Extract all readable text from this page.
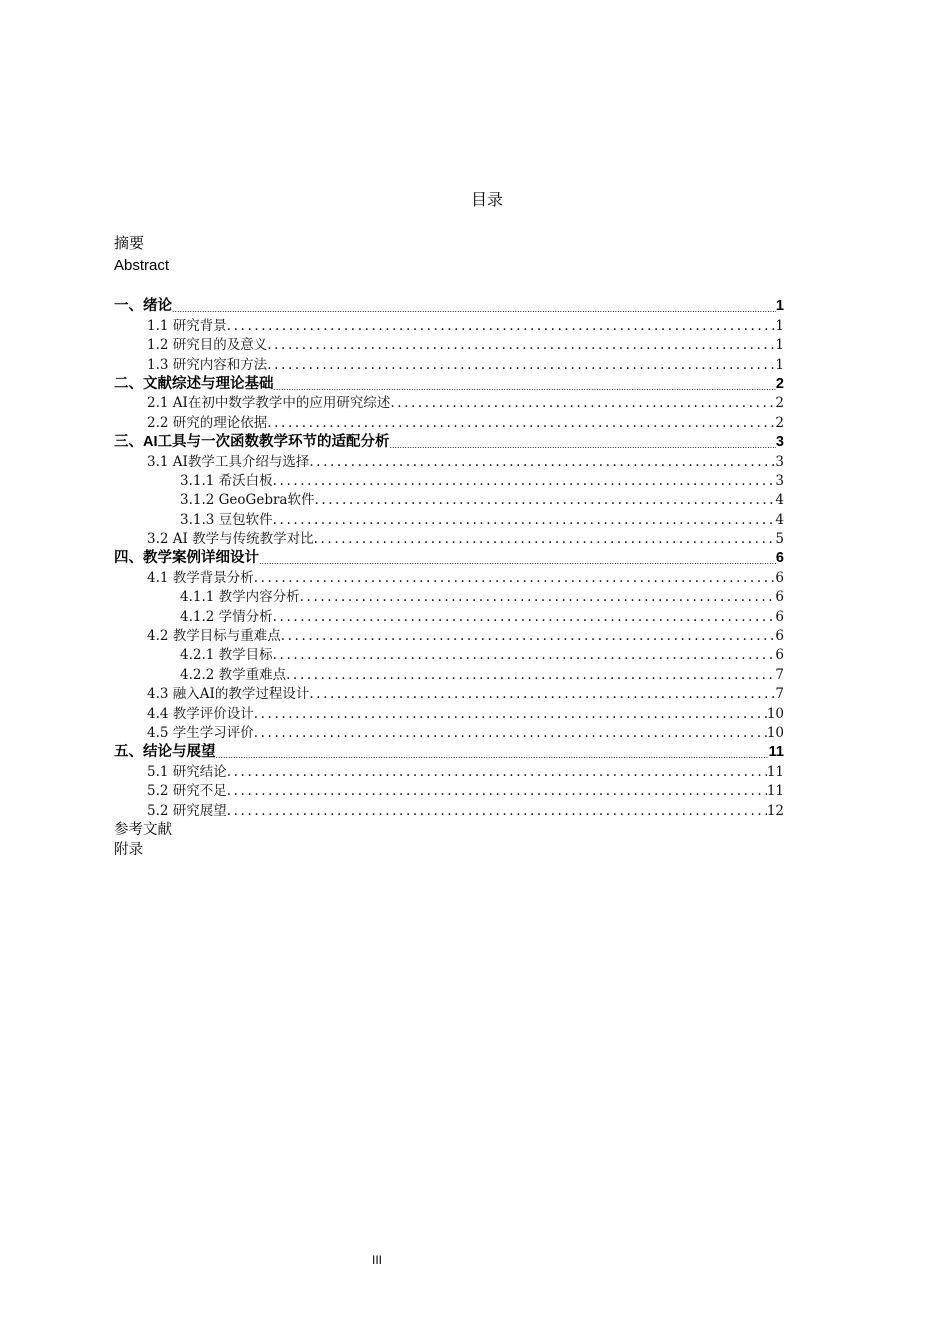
目录
摘要
Abstract
一、绪论 .....	1
1.1 研究背景 .....	1
1.2 研究目的及意义 .....	1
1.3 研究内容和方法 .....	1
二、文献综述与理论基础 .....	2
2.1 AI在初中数学教学中的应用研究综述 .....	2
2.2 研究的理论依据 .....	2
三、AI工具与一次函数教学环节的适配分析 .....	3
3.1 AI教学工具介绍与选择 .....	3
3.1.1 希沃白板 .....	3
3.1.2 GeoGebra软件 .....	4
3.1.3 豆包软件 .....	4
3.2 AI 教学与传统教学对比 .....	5
四、教学案例详细设计 .....	6
4.1 教学背景分析 .....	6
4.1.1 教学内容分析 .....	6
4.1.2 学情分析 .....	6
4.2 教学目标与重难点 .....	6
4.2.1 教学目标 .....	6
4.2.2 教学重难点 .....	7
4.3 融入AI的教学过程设计 .....	7
4.4 教学评价设计 .....	10
4.5 学生学习评价 .....	10
五、结论与展望 .....	11
5.1 研究结论 .....	11
5.2 研究不足 .....	11
5.2 研究展望 .....	12
参考文献
附录
III
